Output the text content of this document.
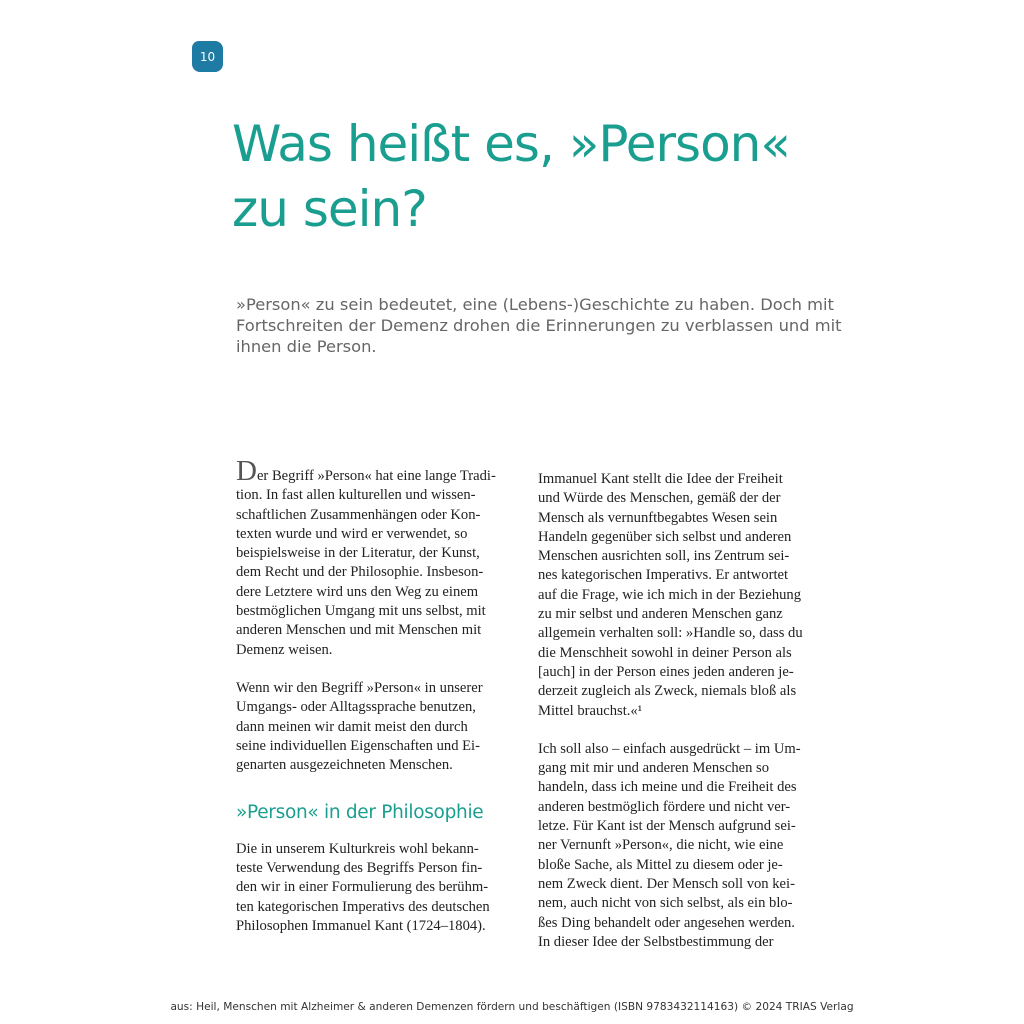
10
Was heißt es, »Person«
zu sein?

»Person« zu sein bedeutet, eine (Lebens-)Geschichte zu haben. Doch mit
Fortschreiten der Demenz drohen die Erinnerungen zu verblassen und mit
ihnen die Person.

Der Begriff »Person« hat eine lange Tradi-
tion. In fast allen kulturellen und wissen-
schaftlichen Zusammenhängen oder Kon-
texten wurde und wird er verwendet, so
beispielsweise in der Literatur, der Kunst,
dem Recht und der Philosophie. Insbeson-
dere Letztere wird uns den Weg zu einem
bestmöglichen Umgang mit uns selbst, mit
anderen Menschen und mit Menschen mit
Demenz weisen.

Wenn wir den Begriff »Person« in unserer
Umgangs- oder Alltagssprache benutzen,
dann meinen wir damit meist den durch
seine individuellen Eigenschaften und Ei-
genarten ausgezeichneten Menschen.

»Person« in der Philosophie

Die in unserem Kulturkreis wohl bekann-
teste Verwendung des Begriffs Person fin-
den wir in einer Formulierung des berühm-
ten kategorischen Imperativs des deutschen
Philosophen Immanuel Kant (1724–1804).

Immanuel Kant stellt die Idee der Freiheit
und Würde des Menschen, gemäß der der
Mensch als vernunftbegabtes Wesen sein
Handeln gegenüber sich selbst und anderen
Menschen ausrichten soll, ins Zentrum sei-
nes kategorischen Imperativs. Er antwortet
auf die Frage, wie ich mich in der Beziehung
zu mir selbst und anderen Menschen ganz
allgemein verhalten soll: »Handle so, dass du
die Menschheit sowohl in deiner Person als
[auch] in der Person eines jeden anderen je-
derzeit zugleich als Zweck, niemals bloß als
Mittel brauchst.«¹

Ich soll also – einfach ausgedrückt – im Um-
gang mit mir und anderen Menschen so
handeln, dass ich meine und die Freiheit des
anderen bestmöglich fördere und nicht ver-
letze. Für Kant ist der Mensch aufgrund sei-
ner Vernunft »Person«, die nicht, wie eine
bloße Sache, als Mittel zu diesem oder je-
nem Zweck dient. Der Mensch soll von kei-
nem, auch nicht von sich selbst, als ein blo-
ßes Ding behandelt oder angesehen werden.
In dieser Idee der Selbstbestimmung der

aus: Heil, Menschen mit Alzheimer & anderen Demenzen fördern und beschäftigen (ISBN 9783432114163) © 2024 TRIAS Verlag
